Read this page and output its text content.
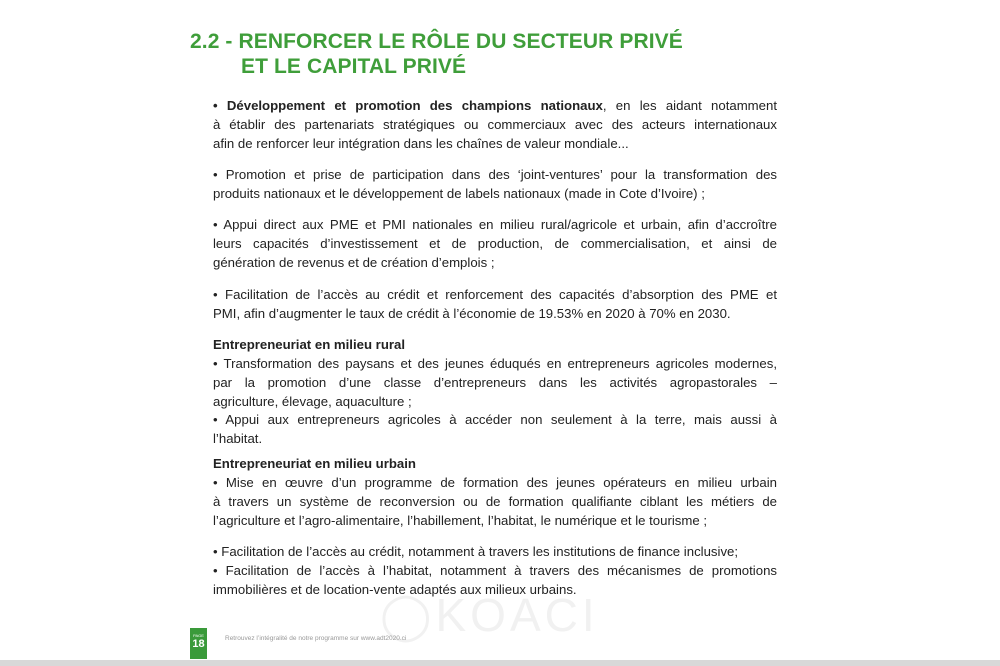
2.2 - RENFORCER LE RÔLE DU SECTEUR PRIVÉ
ET LE CAPITAL PRIVÉ
• Développement et promotion des champions nationaux, en les aidant notamment
à établir des partenariats stratégiques ou commerciaux avec des acteurs internationaux
afin de renforcer leur intégration dans les chaînes de valeur mondiale...
• Promotion et prise de participation dans des ‘joint-ventures’ pour la transformation des
produits nationaux et le développement de labels nationaux (made in Cote d’Ivoire) ;
• Appui direct aux PME et PMI nationales en milieu rural/agricole et urbain, afin d’accroître
leurs capacités d’investissement et de production, de commercialisation, et ainsi de
génération de revenus et de création d’emplois ;
• Facilitation de l’accès au crédit et renforcement des capacités d’absorption des PME et
PMI, afin d’augmenter le taux de crédit à l’économie de 19.53% en 2020 à 70% en 2030.
Entrepreneuriat en milieu rural
• Transformation des paysans et des jeunes éduqués en entrepreneurs agricoles modernes,
par la promotion d’une classe d’entrepreneurs dans les activités agropastorales –
agriculture, élevage, aquaculture ;
• Appui aux entrepreneurs agricoles à accéder non seulement à la terre, mais aussi à
l’habitat.
Entrepreneuriat en milieu urbain
• Mise en œuvre d’un programme de formation des jeunes opérateurs en milieu urbain
à travers un système de reconversion ou de formation qualifiante ciblant les métiers de
l’agriculture et l’agro-alimentaire, l’habillement, l’habitat, le numérique et le tourisme ;
• Facilitation de l’accès au crédit, notamment à travers les institutions de finance inclusive;
• Facilitation de l’accès à l’habitat, notamment à travers des mécanismes de promotions
immobilières et de location-vente adaptés aux milieux urbains.
◯KOACI
PAGE
18	Retrouvez l’intégralité de notre programme sur www.adt2020.ci
